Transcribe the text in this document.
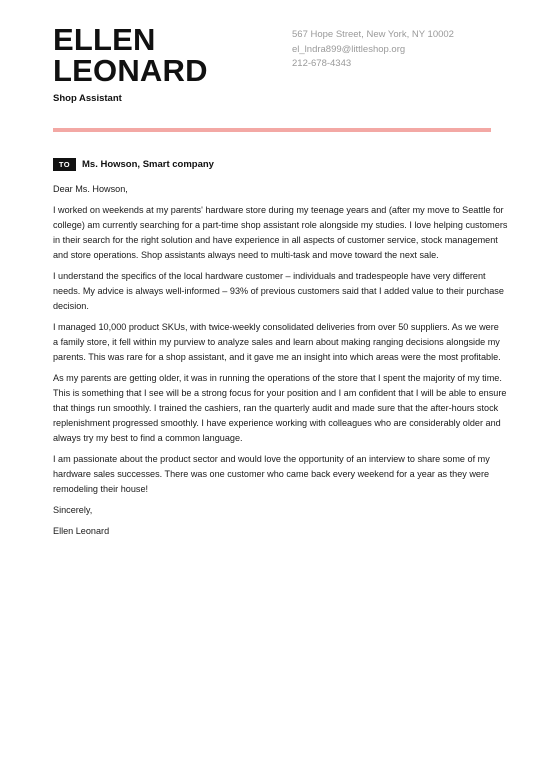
ELLEN
LEONARD
Shop Assistant
567 Hope Street, New York, NY 10002
el_lndra899@littleshop.org
212-678-4343
TO	Ms. Howson, Smart company
Dear Ms. Howson,
I worked on weekends at my parents' hardware store during my teenage years and (after my move to Seattle for
college) am currently searching for a part-time shop assistant role alongside my studies. I love helping customers
in their search for the right solution and have experience in all aspects of customer service, stock management
and store operations. Shop assistants always need to multi-task and move toward the next sale.
I understand the specifics of the local hardware customer – individuals and tradespeople have very different
needs. My advice is always well-informed – 93% of previous customers said that I added value to their purchase
decision.
I managed 10,000 product SKUs, with twice-weekly consolidated deliveries from over 50 suppliers. As we were
a family store, it fell within my purview to analyze sales and learn about making ranging decisions alongside my
parents. This was rare for a shop assistant, and it gave me an insight into which areas were the most profitable.
As my parents are getting older, it was in running the operations of the store that I spent the majority of my time.
This is something that I see will be a strong focus for your position and I am confident that I will be able to ensure
that things run smoothly. I trained the cashiers, ran the quarterly audit and made sure that the after-hours stock
replenishment progressed smoothly. I have experience working with colleagues who are considerably older and
always try my best to find a common language.
I am passionate about the product sector and would love the opportunity of an interview to share some of my
hardware sales successes. There was one customer who came back every weekend for a year as they were
remodeling their house!
Sincerely,
Ellen Leonard
